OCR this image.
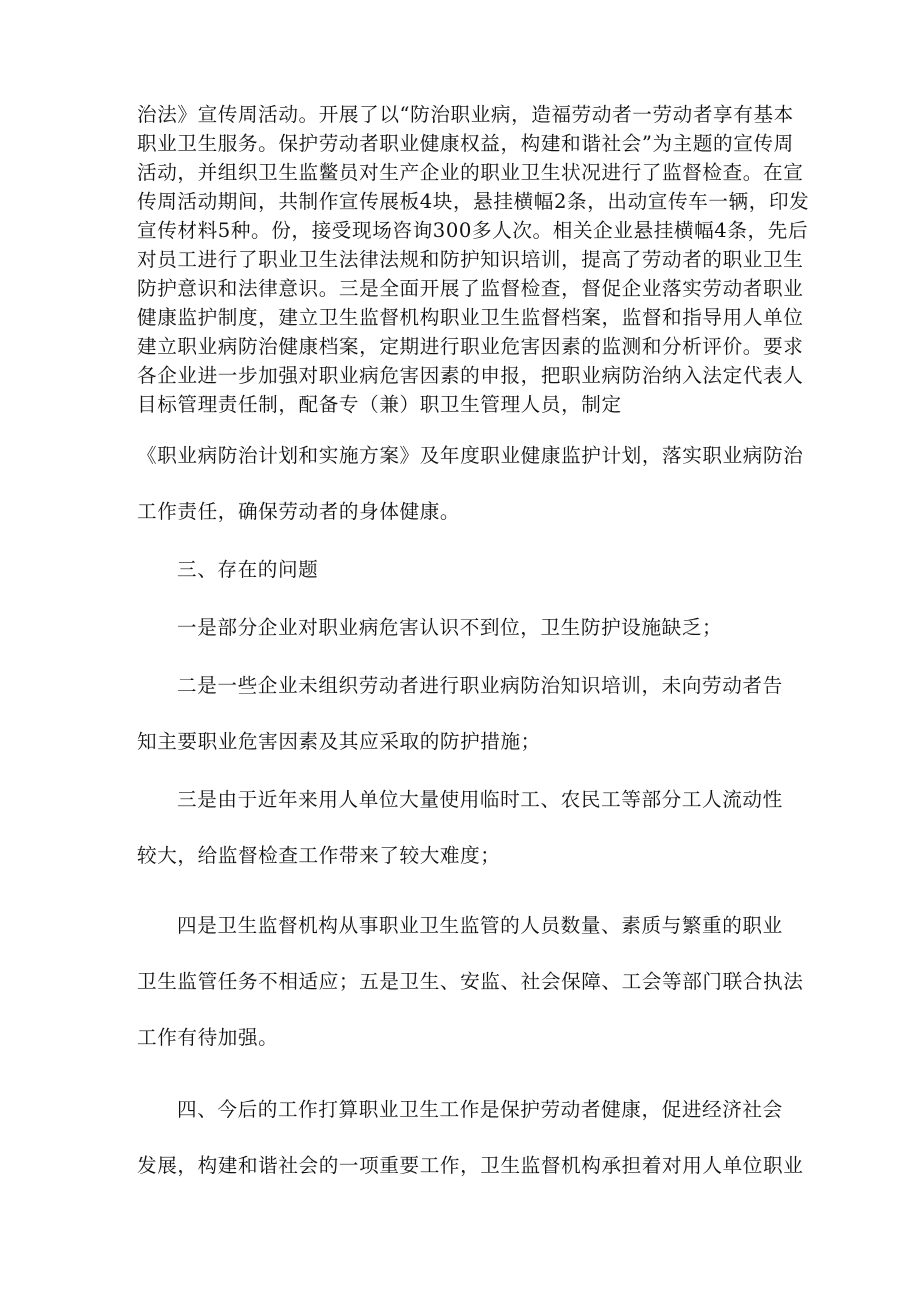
治法》宣传周活动。开展了以“防治职业病，造福劳动者一劳动者享有基本
职业卫生服务。保护劳动者职业健康权益，构建和谐社会”为主题的宣传周
活动，并组织卫生监鳖员对生产企业的职业卫生状况进行了监督检查。在宣
传周活动期间，共制作宣传展板4块，悬挂横幅2条，出动宣传车一辆，印发
宣传材料5种。份，接受现场咨询300多人次。相关企业悬挂横幅4条，先后
对员工进行了职业卫生法律法规和防护知识培训，提高了劳动者的职业卫生
防护意识和法律意识。三是全面开展了监督检查，督促企业落实劳动者职业
健康监护制度，建立卫生监督机构职业卫生监督档案，监督和指导用人单位
建立职业病防治健康档案，定期进行职业危害因素的监测和分析评价。要求
各企业进一步加强对职业病危害因素的申报，把职业病防治纳入法定代表人
目标管理责任制，配备专（兼）职卫生管理人员，制定
《职业病防治计划和实施方案》及年度职业健康监护计划，落实职业病防治
工作责任，确保劳动者的身体健康。
三、存在的问题
一是部分企业对职业病危害认识不到位，卫生防护设施缺乏；
二是一些企业未组织劳动者进行职业病防治知识培训，未向劳动者告
知主要职业危害因素及其应采取的防护措施；
三是由于近年来用人单位大量使用临时工、农民工等部分工人流动性
较大，给监督检查工作带来了较大难度；
四是卫生监督机构从事职业卫生监管的人员数量、素质与繁重的职业
卫生监管任务不相适应；五是卫生、安监、社会保障、工会等部门联合执法
工作有待加强。
四、今后的工作打算职业卫生工作是保护劳动者健康，促进经济社会
发展，构建和谐社会的一项重要工作，卫生监督机构承担着对用人单位职业
